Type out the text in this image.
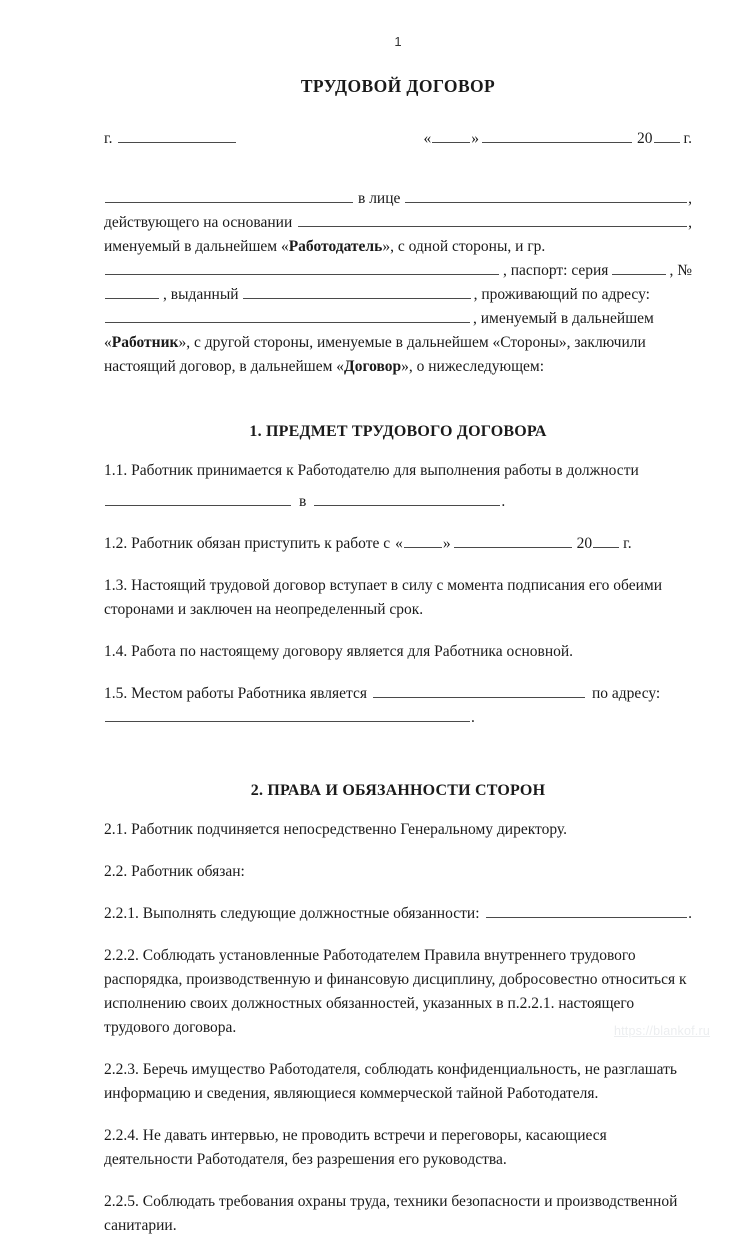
1
ТРУДОВОЙ ДОГОВОР
г.	«	»	20 г.
в лице	,
действующего на основании	,
именуемый в дальнейшем «Работодатель», с одной стороны, и гр.
, паспорт: серия	, №
, выданный	, проживающий по адресу:
, именуемый в дальнейшем
«Работник», с другой стороны, именуемые в дальнейшем «Стороны», заключили
настоящий договор, в дальнейшем «Договор», о нижеследующем:
1. ПРЕДМЕТ ТРУДОВОГО ДОГОВОРА
1.1. Работник принимается к Работодателю для выполнения работы в должности
в	.
1.2. Работник обязан приступить к работе с «	»	20 г.
1.3. Настоящий трудовой договор вступает в силу с момента подписания его обеими сторонами и заключен на неопределенный срок.
1.4. Работа по настоящему договору является для Работника основной.
1.5. Местом работы Работника является	по адресу:
.
2. ПРАВА И ОБЯЗАННОСТИ СТОРОН
2.1. Работник подчиняется непосредственно Генеральному директору.
2.2. Работник обязан:
2.2.1. Выполнять следующие должностные обязанности:	.
2.2.2. Соблюдать установленные Работодателем Правила внутреннего трудового распорядка, производственную и финансовую дисциплину, добросовестно относиться к исполнению своих должностных обязанностей, указанных в п.2.2.1. настоящего трудового договора.
2.2.3. Беречь имущество Работодателя, соблюдать конфиденциальность, не разглашать информацию и сведения, являющиеся коммерческой тайной Работодателя.
2.2.4. Не давать интервью, не проводить встречи и переговоры, касающиеся деятельности Работодателя, без разрешения его руководства.
2.2.5. Соблюдать требования охраны труда, техники безопасности и производственной санитарии.
https://blankof.ru
